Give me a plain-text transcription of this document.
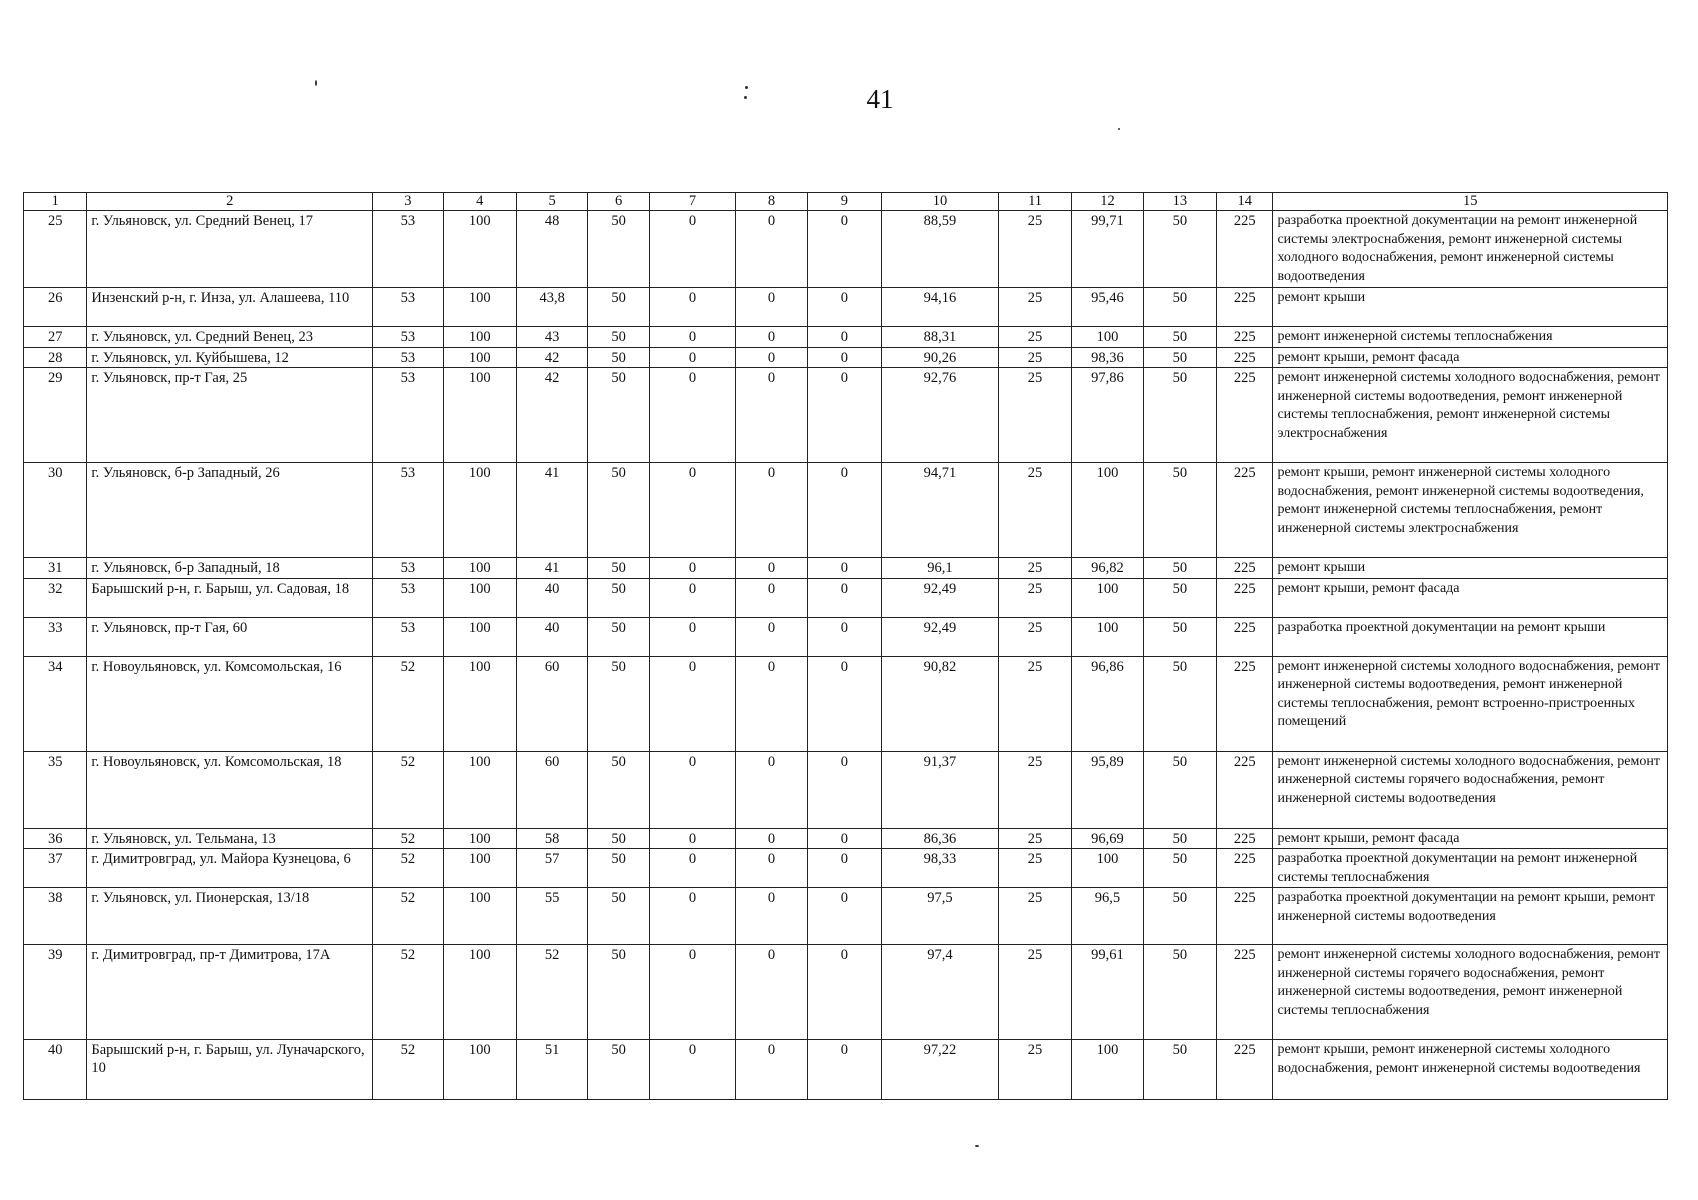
41
1	2	3	4	5	6	7	8	9	10	11	12	13	14	15
25	г. Ульяновск, ул. Средний Венец, 17	53	100	48	50	0	0	0	88,59	25	99,71	50	225	разработка проектной документации на ремонт инженерной системы электроснабжения, ремонт инженерной системы холодного водоснабжения, ремонт инженерной системы водоотведения
26	Инзенский р-н, г. Инза, ул. Алашеева, 110	53	100	43,8	50	0	0	0	94,16	25	95,46	50	225	ремонт крыши
27	г. Ульяновск, ул. Средний Венец, 23	53	100	43	50	0	0	0	88,31	25	100	50	225	ремонт инженерной системы теплоснабжения
28	г. Ульяновск, ул. Куйбышева, 12	53	100	42	50	0	0	0	90,26	25	98,36	50	225	ремонт крыши, ремонт фасада
29	г. Ульяновск, пр-т Гая, 25	53	100	42	50	0	0	0	92,76	25	97,86	50	225	ремонт инженерной системы холодного водоснабжения, ремонт инженерной системы водоотведения, ремонт инженерной системы теплоснабжения, ремонт инженерной системы электроснабжения
30	г. Ульяновск, б-р Западный, 26	53	100	41	50	0	0	0	94,71	25	100	50	225	ремонт крыши, ремонт инженерной системы холодного водоснабжения, ремонт инженерной системы водоотведения, ремонт инженерной системы теплоснабжения, ремонт инженерной системы электроснабжения
31	г. Ульяновск, б-р Западный, 18	53	100	41	50	0	0	0	96,1	25	96,82	50	225	ремонт крыши
32	Барышский р-н, г. Барыш, ул. Садовая, 18	53	100	40	50	0	0	0	92,49	25	100	50	225	ремонт крыши, ремонт фасада
33	г. Ульяновск, пр-т Гая, 60	53	100	40	50	0	0	0	92,49	25	100	50	225	разработка проектной документации на ремонт крыши
34	г. Новоульяновск, ул. Комсомольская, 16	52	100	60	50	0	0	0	90,82	25	96,86	50	225	ремонт инженерной системы холодного водоснабжения, ремонт инженерной системы водоотведения, ремонт инженерной системы теплоснабжения, ремонт встроенно-пристроенных помещений
35	г. Новоульяновск, ул. Комсомольская, 18	52	100	60	50	0	0	0	91,37	25	95,89	50	225	ремонт инженерной системы холодного водоснабжения, ремонт инженерной системы горячего водоснабжения, ремонт инженерной системы водоотведения
36	г. Ульяновск, ул. Тельмана, 13	52	100	58	50	0	0	0	86,36	25	96,69	50	225	ремонт крыши, ремонт фасада
37	г. Димитровград, ул. Майора Кузнецова, 6	52	100	57	50	0	0	0	98,33	25	100	50	225	разработка проектной документации на ремонт инженерной системы теплоснабжения
38	г. Ульяновск, ул. Пионерская, 13/18	52	100	55	50	0	0	0	97,5	25	96,5	50	225	разработка проектной документации на ремонт крыши, ремонт инженерной системы водоотведения
39	г. Димитровград, пр-т Димитрова, 17А	52	100	52	50	0	0	0	97,4	25	99,61	50	225	ремонт инженерной системы холодного водоснабжения, ремонт инженерной системы горячего водоснабжения, ремонт инженерной системы водоотведения, ремонт инженерной системы теплоснабжения
40	Барышский р-н, г. Барыш, ул. Луначарского, 10	52	100	51	50	0	0	0	97,22	25	100	50	225	ремонт крыши, ремонт инженерной системы холодного водоснабжения, ремонт инженерной системы водоотведения
